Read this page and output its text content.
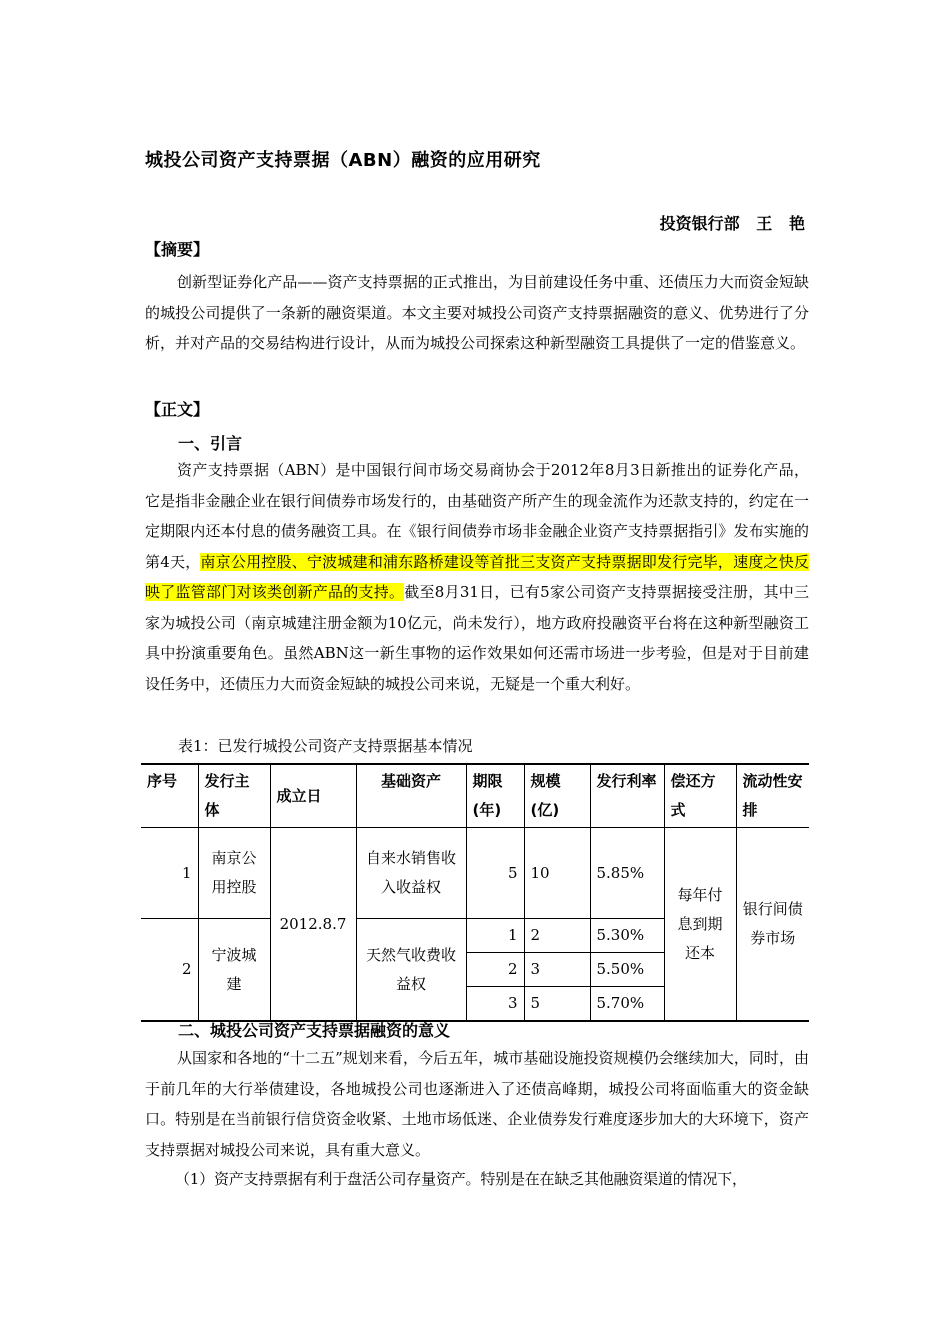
城投公司资产支持票据（ABN）融资的应用研究
投资银行部   王   艳
【摘要】

创新型证券化产品——资产支持票据的正式推出，为目前建设任务中重、还债压力大而资金短缺的城投公司提供了一条新的融资渠道。本文主要对城投公司资产支持票据融资的意义、优势进行了分析，并对产品的交易结构进行设计，从而为城投公司探索这种新型融资工具提供了一定的借鉴意义。

【正文】
一、引言

资产支持票据（ABN）是中国银行间市场交易商协会于2012年8月3日新推出的证券化产品，它是指非金融企业在银行间债券市场发行的，由基础资产所产生的现金流作为还款支持的，约定在一定期限内还本付息的债务融资工具。在《银行间债券市场非金融企业资产支持票据指引》发布实施的第4天，南京公用控股、宁波城建和浦东路桥建设等首批三支资产支持票据即发行完毕，速度之快反映了监管部门对该类创新产品的支持。截至8月31日，已有5家公司资产支持票据接受注册，其中三家为城投公司（南京城建注册金额为10亿元，尚未发行），地方政府投融资平台将在这种新型融资工具中扮演重要角色。虽然ABN这一新生事物的运作效果如何还需市场进一步考验，但是对于目前建设任务中，还债压力大而资金短缺的城投公司来说，无疑是一个重大利好。

表1：已发行城投公司资产支持票据基本情况
序号	发行主体	成立日	基础资产	期限(年)	规模(亿)	发行利率	偿还方式	流动性安排
1	南京公用控股	2012.8.7	自来水销售收入收益权	5	10	5.85%	每年付息到期还本	银行间债券市场
2	宁波城建		天然气收费收益权	1	2	5.30%		
				2	3	5.50%		
				3	5	5.70%		
二、城投公司资产支持票据融资的意义

从国家和各地的“十二五”规划来看，今后五年，城市基础设施投资规模仍会继续加大，同时，由于前几年的大行举债建设，各地城投公司也逐渐进入了还债高峰期，城投公司将面临重大的资金缺口。特别是在当前银行信贷资金收紧、土地市场低迷、企业债券发行难度逐步加大的大环境下，资产支持票据对城投公司来说，具有重大意义。

（1）资产支持票据有利于盘活公司存量资产。特别是在在缺乏其他融资渠道的情况下，
